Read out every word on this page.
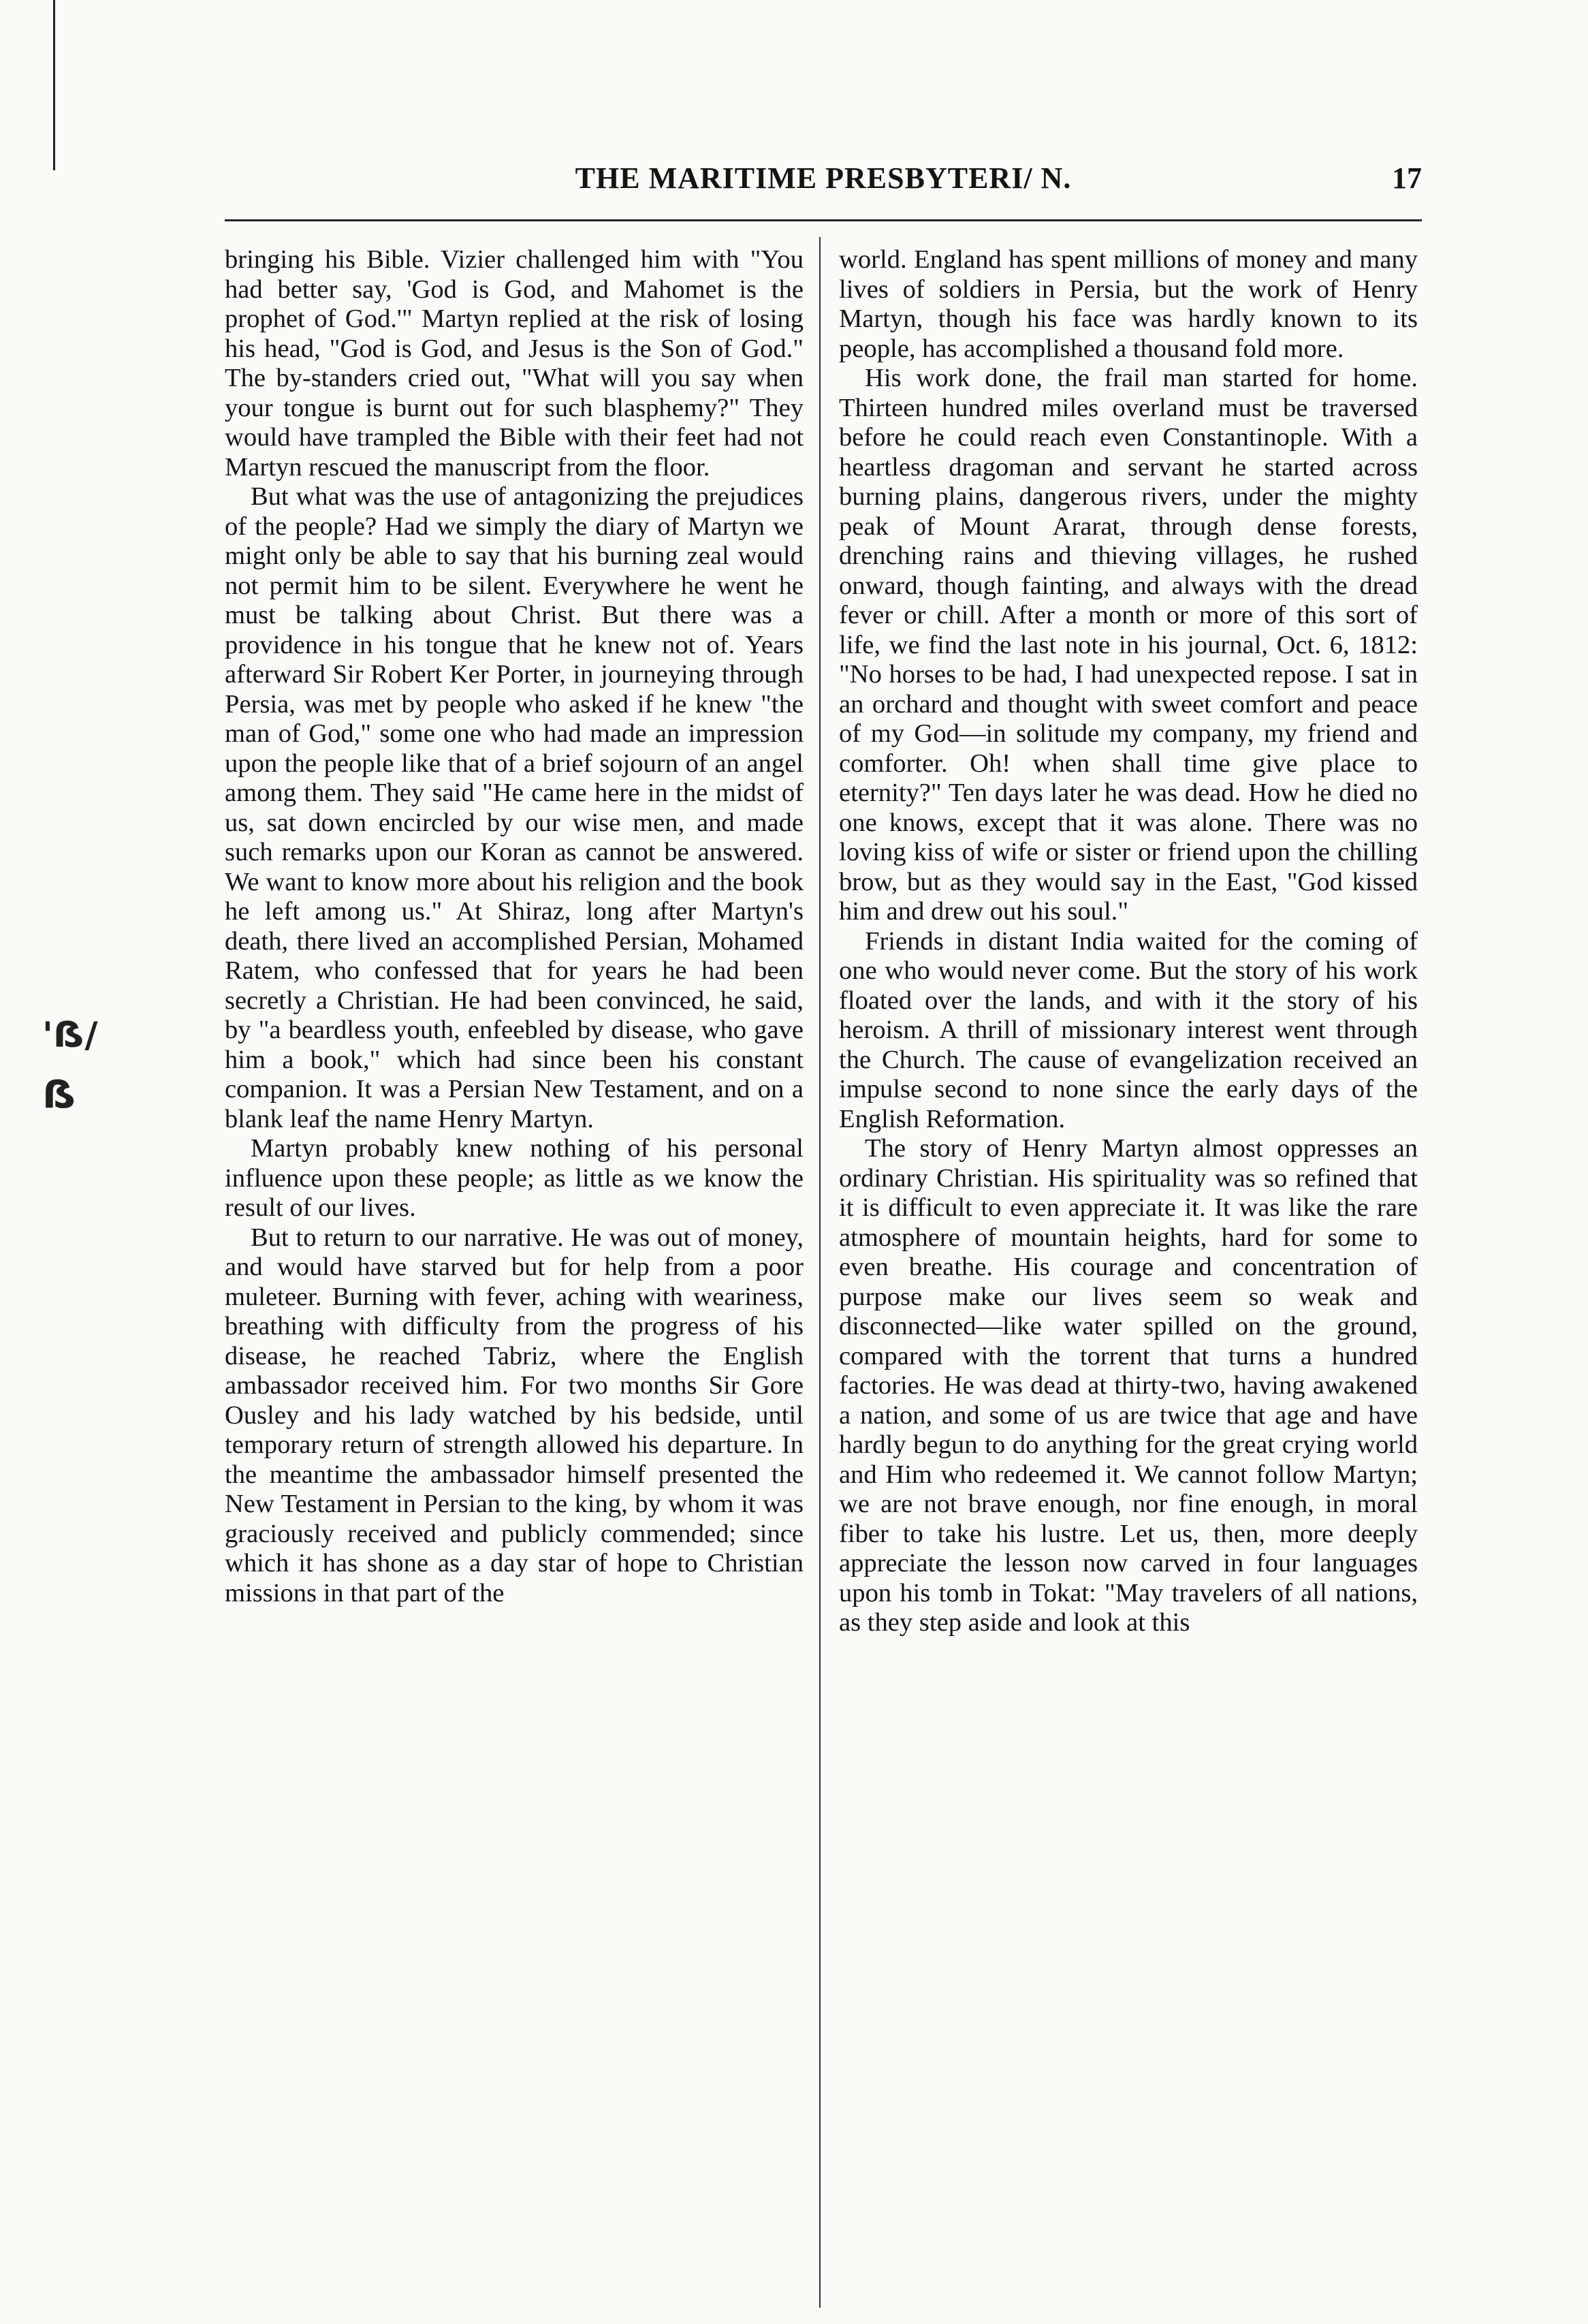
'ẞ/
ẞ
THE MARITIME PRESBYTERI/ N.	17

bringing his Bible. Vizier challenged him with "You had better say, 'God is God, and Mahomet is the prophet of God.'" Martyn replied at the risk of losing his head, "God is God, and Jesus is the Son of God." The by-standers cried out, "What will you say when your tongue is burnt out for such blasphemy?" They would have trampled the Bible with their feet had not Martyn rescued the manuscript from the floor.

But what was the use of antagonizing the prejudices of the people? Had we simply the diary of Martyn we might only be able to say that his burning zeal would not permit him to be silent. Everywhere he went he must be talking about Christ. But there was a providence in his tongue that he knew not of. Years afterward Sir Robert Ker Porter, in journeying through Persia, was met by people who asked if he knew "the man of God," some one who had made an impression upon the people like that of a brief sojourn of an angel among them. They said "He came here in the midst of us, sat down encircled by our wise men, and made such remarks upon our Koran as cannot be answered. We want to know more about his religion and the book he left among us." At Shiraz, long after Martyn's death, there lived an accomplished Persian, Mohamed Ratem, who confessed that for years he had been secretly a Christian. He had been convinced, he said, by "a beardless youth, enfeebled by disease, who gave him a book," which had since been his constant companion. It was a Persian New Testament, and on a blank leaf the name Henry Martyn.

Martyn probably knew nothing of his personal influence upon these people; as little as we know the result of our lives.

But to return to our narrative. He was out of money, and would have starved but for help from a poor muleteer. Burning with fever, aching with weariness, breathing with difficulty from the progress of his disease, he reached Tabriz, where the English ambassador received him. For two months Sir Gore Ousley and his lady watched by his bedside, until temporary return of strength allowed his departure. In the meantime the ambassador himself presented the New Testament in Persian to the king, by whom it was graciously received and publicly commended; since which it has shone as a day star of hope to Christian missions in that part of the

world. England has spent millions of money and many lives of soldiers in Persia, but the work of Henry Martyn, though his face was hardly known to its people, has accomplished a thousand fold more.

His work done, the frail man started for home. Thirteen hundred miles overland must be traversed before he could reach even Constantinople. With a heartless dragoman and servant he started across burning plains, dangerous rivers, under the mighty peak of Mount Ararat, through dense forests, drenching rains and thieving villages, he rushed onward, though fainting, and always with the dread fever or chill. After a month or more of this sort of life, we find the last note in his journal, Oct. 6, 1812: "No horses to be had, I had unexpected repose. I sat in an orchard and thought with sweet comfort and peace of my God—in solitude my company, my friend and comforter. Oh! when shall time give place to eternity?" Ten days later he was dead. How he died no one knows, except that it was alone. There was no loving kiss of wife or sister or friend upon the chilling brow, but as they would say in the East, "God kissed him and drew out his soul."

Friends in distant India waited for the coming of one who would never come. But the story of his work floated over the lands, and with it the story of his heroism. A thrill of missionary interest went through the Church. The cause of evangelization received an impulse second to none since the early days of the English Reformation.

The story of Henry Martyn almost oppresses an ordinary Christian. His spirituality was so refined that it is difficult to even appreciate it. It was like the rare atmosphere of mountain heights, hard for some to even breathe. His courage and concentration of purpose make our lives seem so weak and disconnected—like water spilled on the ground, compared with the torrent that turns a hundred factories. He was dead at thirty-two, having awakened a nation, and some of us are twice that age and have hardly begun to do anything for the great crying world and Him who redeemed it. We cannot follow Martyn; we are not brave enough, nor fine enough, in moral fiber to take his lustre. Let us, then, more deeply appreciate the lesson now carved in four languages upon his tomb in Tokat: "May travelers of all nations, as they step aside and look at this
